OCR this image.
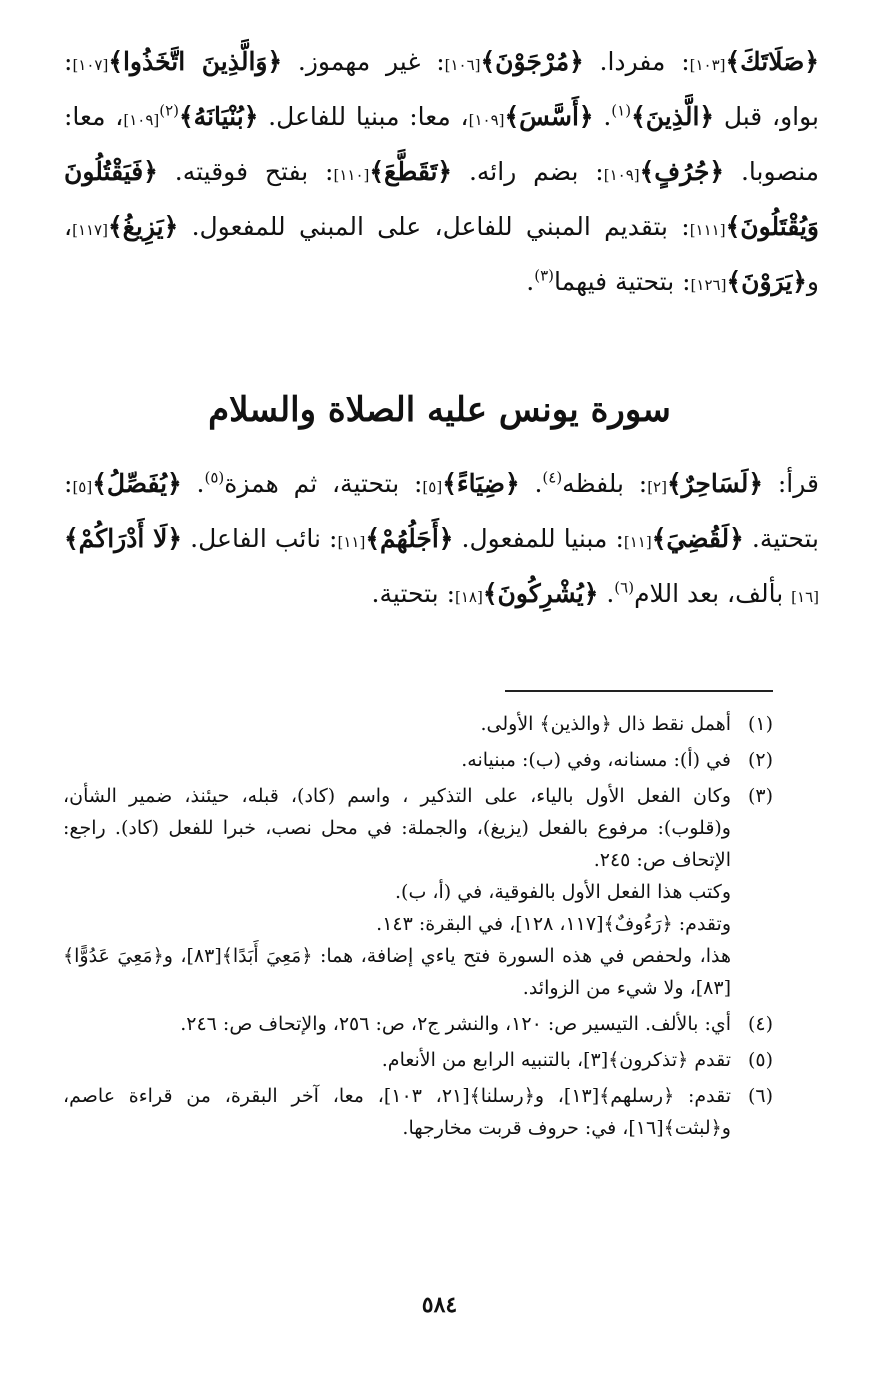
﴿صَلَاتَكَ﴾[١٠٣]: مفردا. ﴿مُرْجَوْنَ﴾[١٠٦]: غير مهموز. ﴿وَالَّذِينَ اتَّخَذُوا﴾[١٠٧]: بواو، قبل ﴿الَّذِينَ﴾$^{(١)}$. ﴿أَسَّسَ﴾[١٠٩]، معا: مبنيا للفاعل. ﴿بُنْيَانَهُ﴾$^{(٢)}$[١٠٩]، معا: منصوبا. ﴿جُرُفٍ﴾[١٠٩]: بضم رائه. ﴿تَقَطَّعَ﴾[١١٠]: بفتح فوقيته. ﴿فَيَقْتُلُونَ وَيُقْتَلُونَ﴾[١١١]: بتقديم المبني للفاعل، على المبني للمفعول. ﴿يَزِيغُ﴾[١١٧]، و﴿يَرَوْنَ﴾[١٢٦]: بتحتية فيهما$^{(٣)}$.

سورة يونس عليه الصلاة والسلام

قرأ: ﴿لَسَاحِرٌ﴾[٢]: بلفظه$^{(٤)}$. ﴿ضِيَاءً﴾[٥]: بتحتية، ثم همزة$^{(٥)}$. ﴿يُفَصِّلُ﴾[٥]: بتحتية. ﴿لَقُضِيَ﴾[١١]: مبنيا للمفعول. ﴿أَجَلُهُمْ﴾[١١]: نائب الفاعل. ﴿لَا أَدْرَاكُمْ﴾[١٦] بألف، بعد اللام$^{(٦)}$. ﴿يُشْرِكُونَ﴾[١٨]: بتحتية.

(١)
أهمل نقط ذال ﴿والذين﴾ الأولى.
(٢)
في (أ): مسنانه، وفي (ب): مبنيانه.
(٣)
وكان الفعل الأول بالياء، على التذكير ، واسم (كاد)، قبله، حيئنذ، ضمير الشأن، و(قلوب): مرفوع بالفعل (يزيغ)، والجملة: في محل نصب، خبرا للفعل (كاد). راجع: الإتحاف ص: ٢٤٥.
وكتب هذا الفعل الأول بالفوقية، في (أ، ب).
وتقدم: ﴿رَءُوفٌ﴾[١١٧، ١٢٨]، في البقرة: ١٤٣.
هذا، ولحفص في هذه السورة فتح ياءي إضافة، هما: ﴿مَعِيَ أَبَدًا﴾[٨٣]، و﴿مَعِيَ عَدُوًّا﴾[٨٣]، ولا شيء من الزوائد.
(٤)
أي: بالألف. التيسير ص: ١٢٠، والنشر ج٢، ص: ٢٥٦، والإتحاف ص: ٢٤٦.
(٥)
تقدم ﴿تذكرون﴾[٣]، بالتنبيه الرابع من الأنعام.
(٦)
تقدم: ﴿رسلهم﴾[١٣]، و﴿رسلنا﴾[٢١، ١٠٣]، معا، آخر البقرة، من قراءة عاصم، و﴿لبثت﴾[١٦]، في: حروف قربت مخارجها.
٥٨٤
